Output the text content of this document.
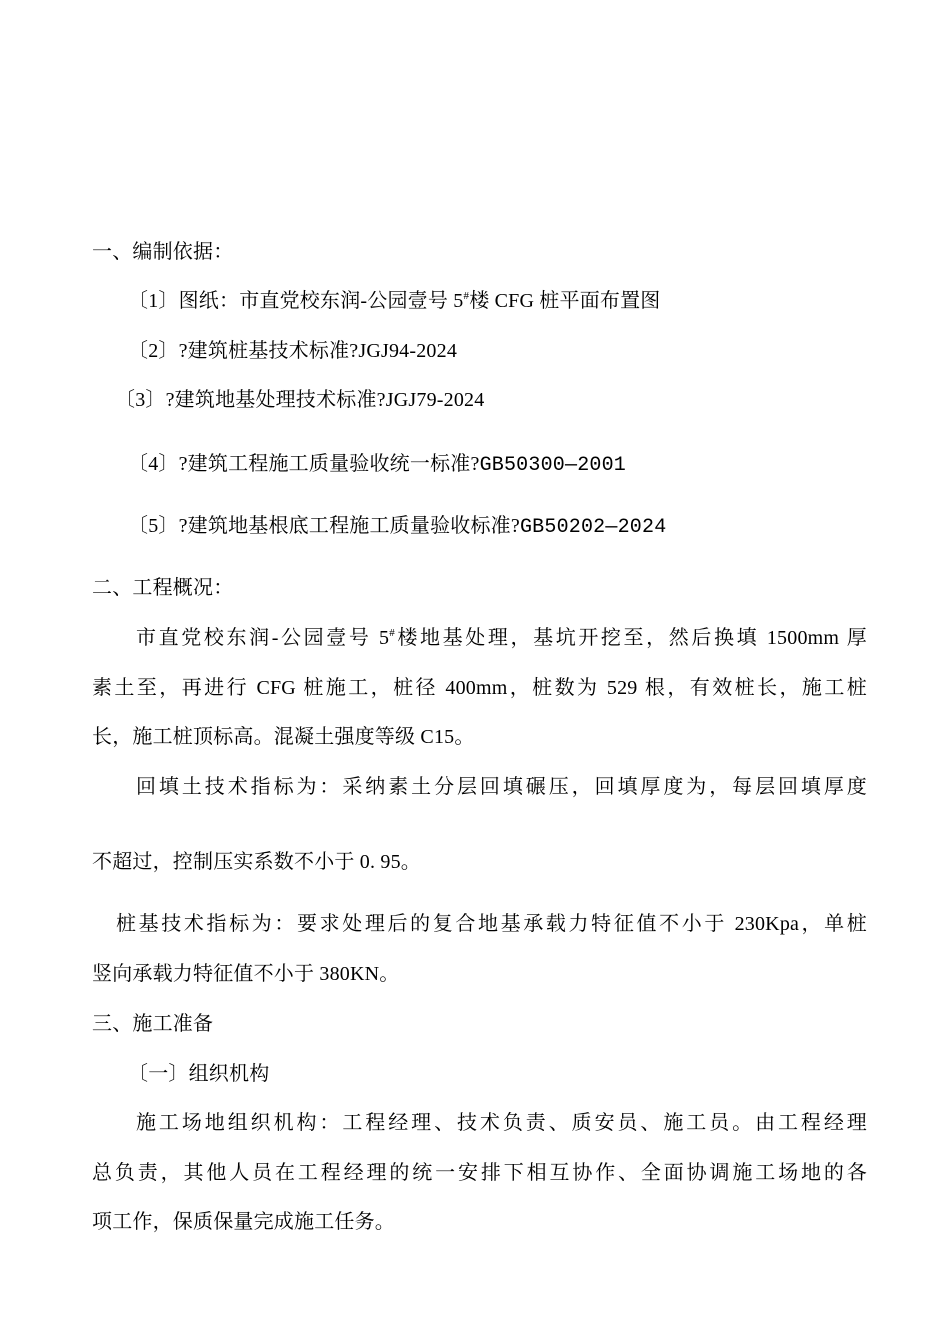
一、编制依据：
〔1〕图纸：市直党校东润-公园壹号 5#楼 CFG 桩平面布置图
〔2〕?建筑桩基技术标准?JGJ94-2024
〔3〕?建筑地基处理技术标准?JGJ79-2024
〔4〕?建筑工程施工质量验收统一标准?GB50300—2001
〔5〕?建筑地基根底工程施工质量验收标准?GB50202—2024
二、工程概况：
市直党校东润-公园壹号 5#楼地基处理，基坑开挖至，然后换填 1500mm 厚
素土至，再进行 CFG 桩施工，桩径 400mm，桩数为 529 根，有效桩长，施工桩
长，施工桩顶标高。混凝土强度等级 C15。
回填土技术指标为：采纳素土分层回填碾压，回填厚度为，每层回填厚度
不超过，控制压实系数不小于 0. 95。
桩基技术指标为：要求处理后的复合地基承载力特征值不小于 230Kpa，单桩
竖向承载力特征值不小于 380KN。
三、施工准备
〔一〕组织机构
施工场地组织机构：工程经理、技术负责、质安员、施工员。由工程经理
总负责，其他人员在工程经理的统一安排下相互协作、全面协调施工场地的各
项工作，保质保量完成施工任务。
